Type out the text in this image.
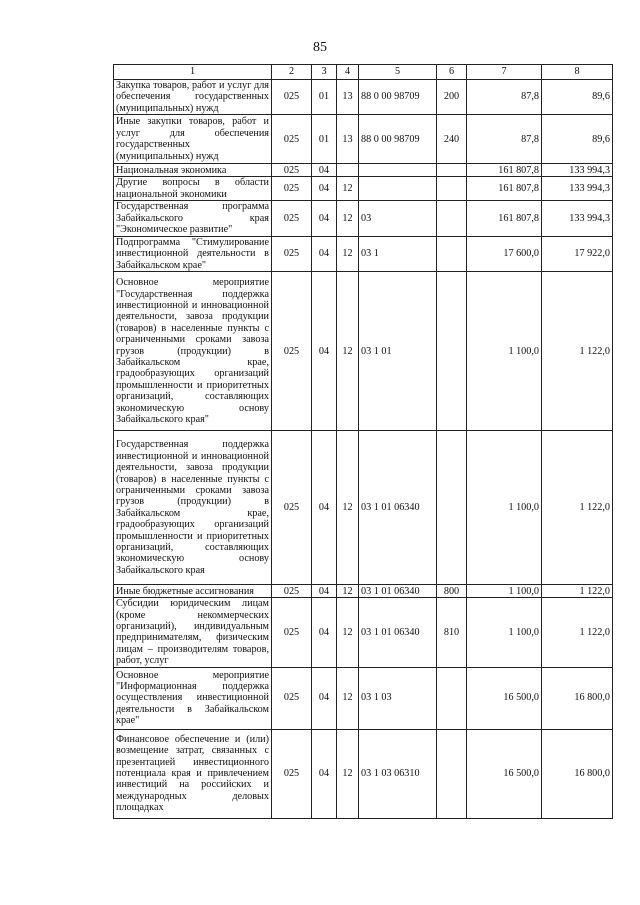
85
1	2	3	4	5	6	7	8
Закупка товаров, работ и услуг для обеспечения государственных (муниципальных) нужд	025	01	13	88 0 00 98709	200	87,8	89,6
Иные закупки товаров, работ и услуг для обеспечения государственных (муниципальных) нужд	025	01	13	88 0 00 98709	240	87,8	89,6
Национальная экономика	025	04				161 807,8	133 994,3
Другие вопросы в области национальной экономики	025	04	12			161 807,8	133 994,3
Государственная программа Забайкальского края "Экономическое развитие"	025	04	12	03		161 807,8	133 994,3
Подпрограмма "Стимулирование инвестиционной деятельности в Забайкальском крае"	025	04	12	03 1		17 600,0	17 922,0
Основное мероприятие "Государственная поддержка инвестиционной и инновационной деятельности, завоза продукции (товаров) в населенные пункты с ограниченными сроками завоза грузов (продукции) в Забайкальском крае, градообразующих организаций промышленности и приоритетных организаций, составляющих экономическую основу Забайкальского края"	025	04	12	03 1 01		1 100,0	1 122,0
Государственная поддержка инвестиционной и инновационной деятельности, завоза продукции (товаров) в населенные пункты с ограниченными сроками завоза грузов (продукции) в Забайкальском крае, градообразующих организаций промышленности и приоритетных организаций, составляющих экономическую основу Забайкальского края	025	04	12	03 1 01 06340		1 100,0	1 122,0
Иные бюджетные ассигнования	025	04	12	03 1 01 06340	800	1 100,0	1 122,0
Субсидии юридическим лицам (кроме некоммерческих организаций), индивидуальным предпринимателям, физическим лицам – производителям товаров, работ, услуг	025	04	12	03 1 01 06340	810	1 100,0	1 122,0
Основное мероприятие "Информационная поддержка осуществления инвестиционной деятельности в Забайкальском крае"	025	04	12	03 1 03		16 500,0	16 800,0
Финансовое обеспечение и (или) возмещение затрат, связанных с презентацией инвестиционного потенциала края и привлечением инвестиций на российских и международных деловых площадках	025	04	12	03 1 03 06310		16 500,0	16 800,0
